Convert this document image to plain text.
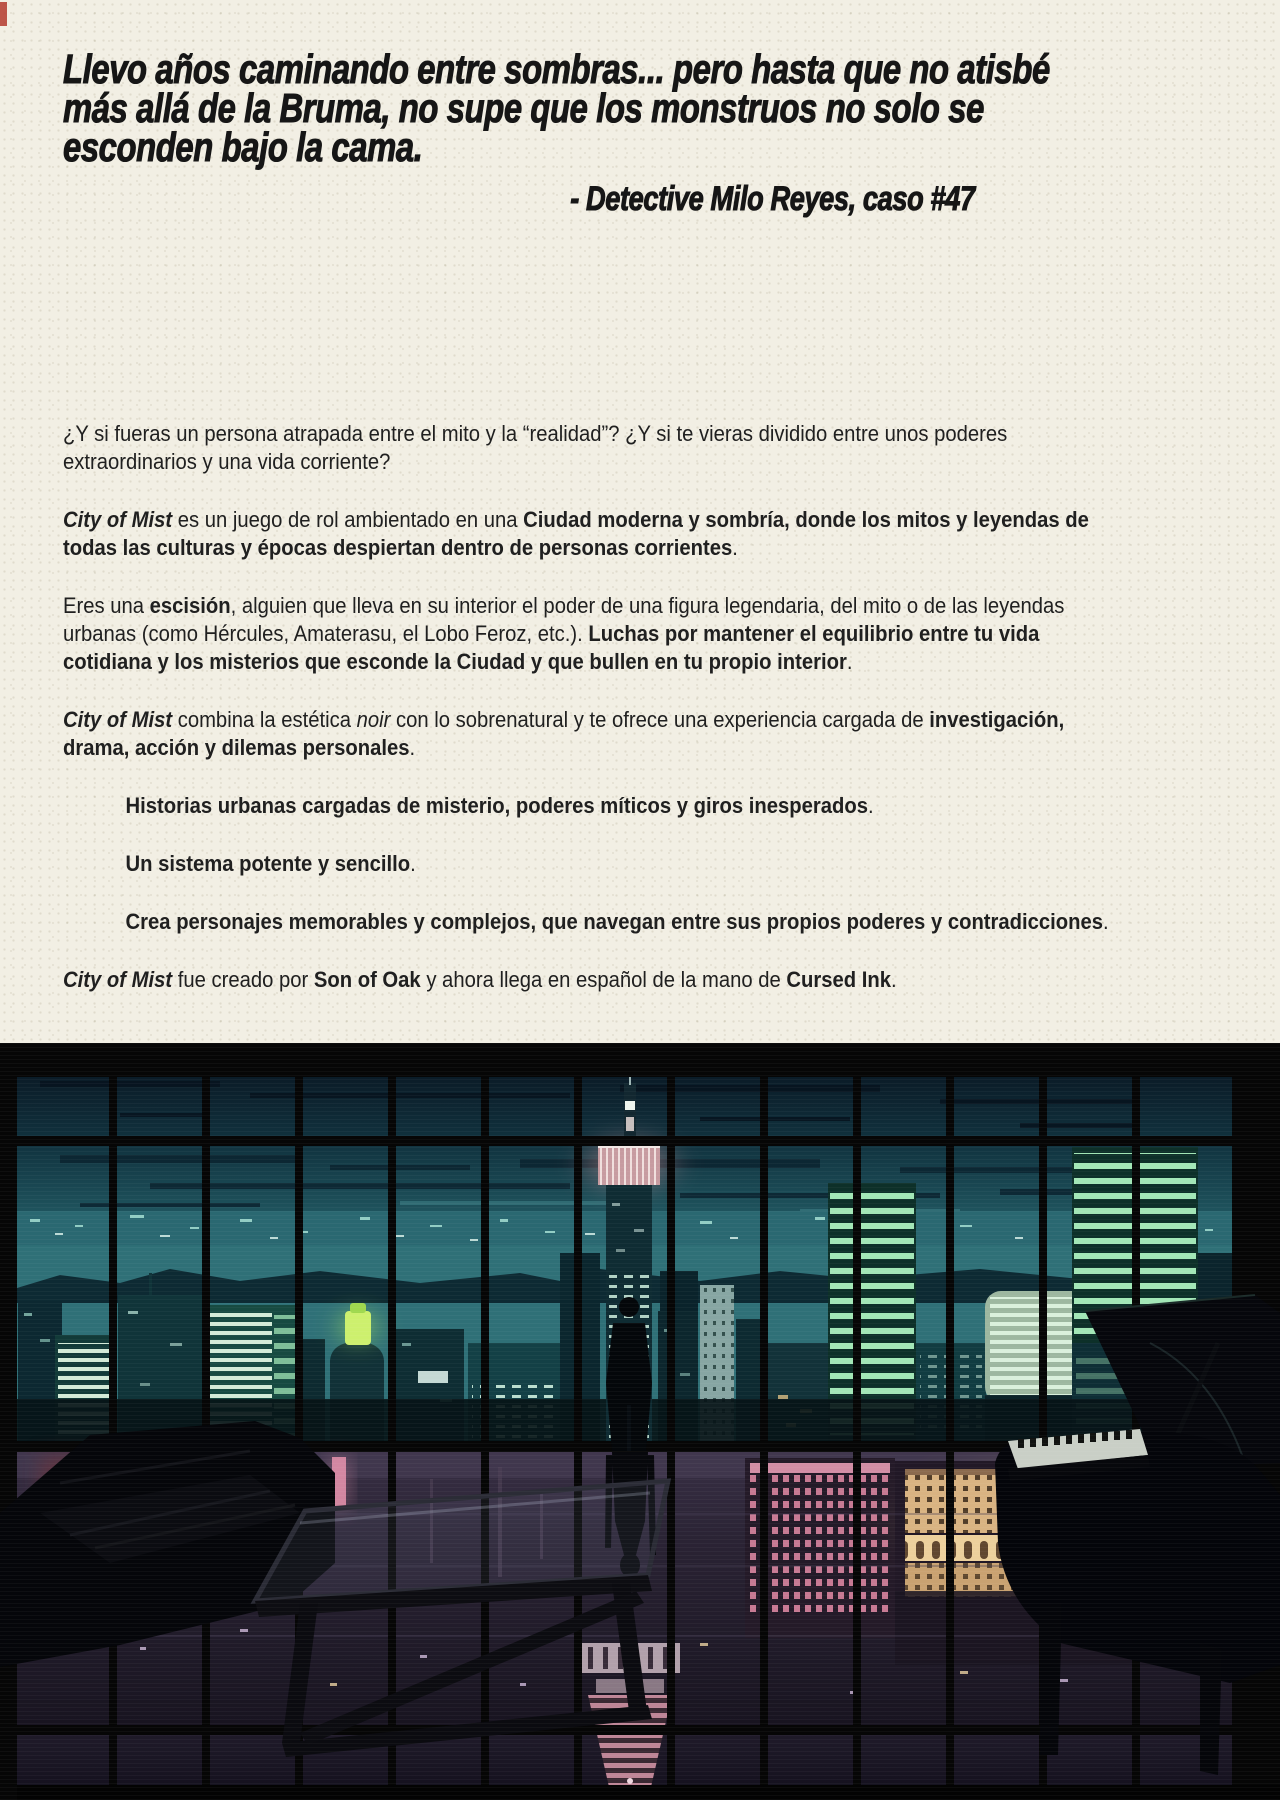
Llevo años caminando entre sombras... pero hasta que no atisbé
más allá de la Bruma, no supe que los monstruos no solo se
esconden bajo la cama.
- Detective Milo Reyes, caso #47

¿Y si fueras un persona atrapada entre el mito y la “realidad”? ¿Y si te vieras dividido entre unos poderes extraordinarios y una vida corriente?

City of Mist es un juego de rol ambientado en una Ciudad moderna y sombría, donde los mitos y leyendas de todas las culturas y épocas despiertan dentro de personas corrientes.

Eres una escisión, alguien que lleva en su interior el poder de una figura legendaria, del mito o de las leyendas urbanas (como Hércules, Amaterasu, el Lobo Feroz, etc.). Luchas por mantener el equilibrio entre tu vida cotidiana y los misterios que esconde la Ciudad y que bullen en tu propio interior.

City of Mist combina la estética noir con lo sobrenatural y te ofrece una experiencia cargada de investigación, drama, acción y dilemas personales.

Historias urbanas cargadas de misterio, poderes míticos y giros inesperados.

Un sistema potente y sencillo.

Crea personajes memorables y complejos, que navegan entre sus propios poderes y contradicciones.

City of Mist fue creado por Son of Oak y ahora llega en español de la mano de Cursed Ink.
